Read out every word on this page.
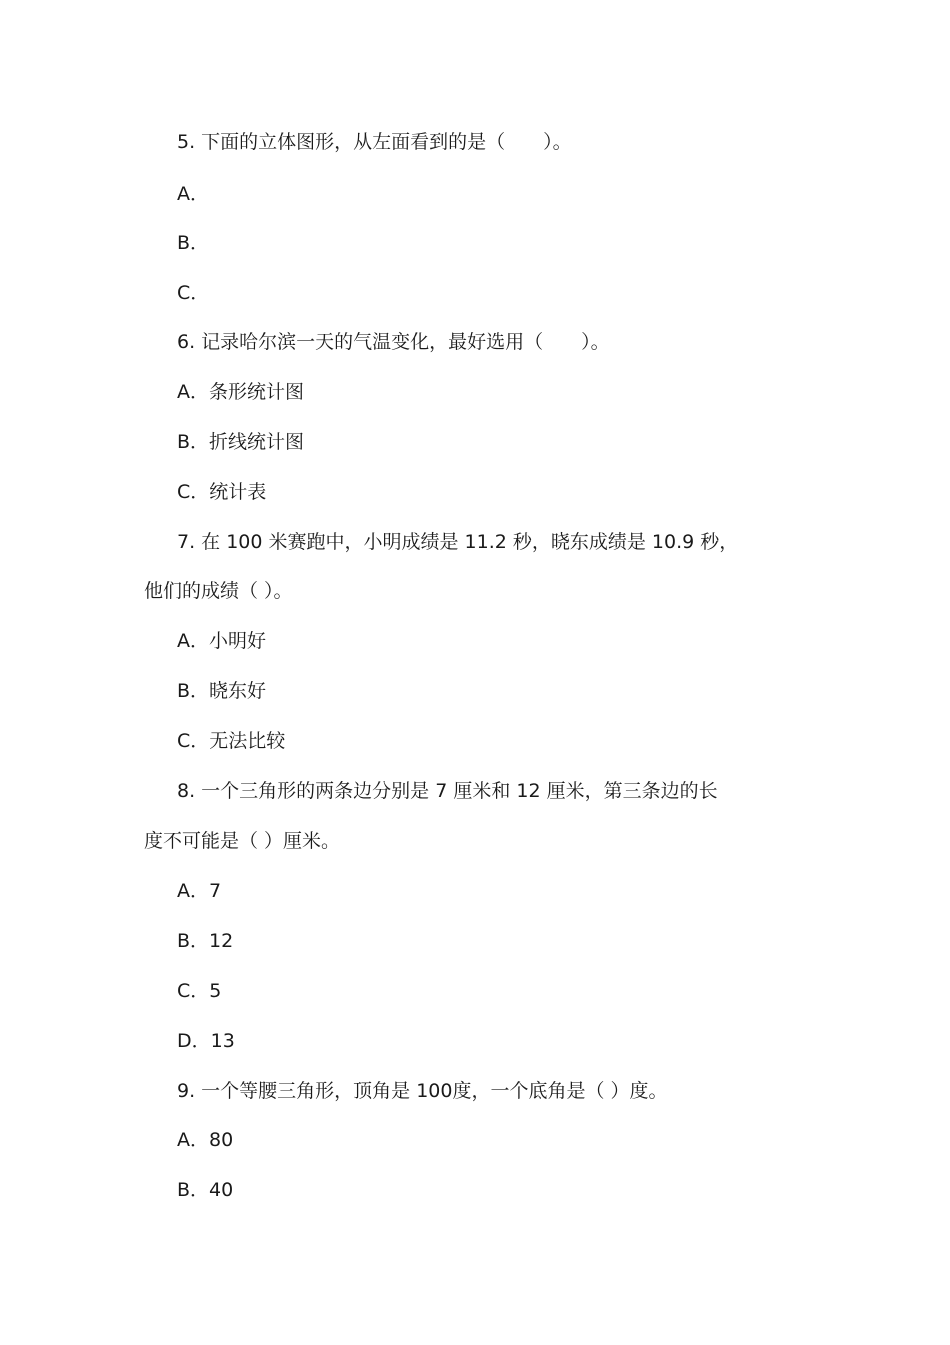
5. 下面的立体图形，从左面看到的是（　　）。
A．
B．
C．
6. 记录哈尔滨一天的气温变化，最好选用（　　）。
A．条形统计图
B．折线统计图
C．统计表
7. 在 100 米赛跑中，小明成绩是 11.2 秒，晓东成绩是 10.9 秒，
他们的成绩（ ）。
A．小明好
B．晓东好
C．无法比较
8. 一个三角形的两条边分别是 7 厘米和 12 厘米，第三条边的长
度不可能是（ ）厘米。
A．7
B．12
C．5
D．13
9. 一个等腰三角形，顶角是 100度，一个底角是（ ）度。
A．80
B．40
